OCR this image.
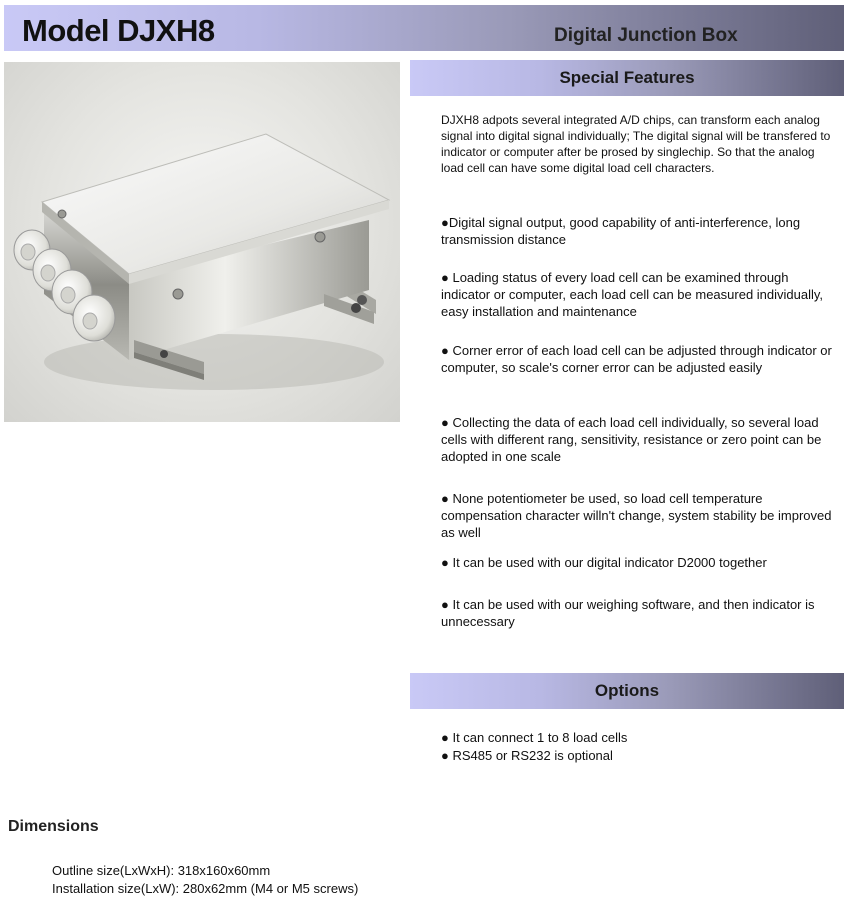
Model DJXH8	Digital Junction Box
Special Features
DJXH8 adpots several integrated A/D chips, can transform each analog signal into digital signal individually; The digital signal will be transfered to indicator or computer after be prosed by singlechip. So that the analog load cell can have some digital load cell characters.
●Digital signal output, good capability of anti-interference, long transmission distance
● Loading status of every load cell can be examined through indicator or computer, each load cell can be measured individually, easy installation and maintenance
● Corner error of each load cell can be adjusted through indicator or computer, so scale's corner error can be adjusted easily
● Collecting the data of each load cell individually, so several load cells with different rang, sensitivity, resistance or zero point can be adopted in one scale
● None potentiometer be used, so load cell temperature compensation character willn't change, system stability be improved as well
● It can be used with our digital indicator D2000 together
● It can be used with our weighing software, and then indicator is unnecessary
Options
● It can connect 1 to 8 load cells
● RS485 or RS232 is optional
Dimensions
Outline size(LxWxH): 318x160x60mm
Installation size(LxW): 280x62mm (M4 or M5 screws)
